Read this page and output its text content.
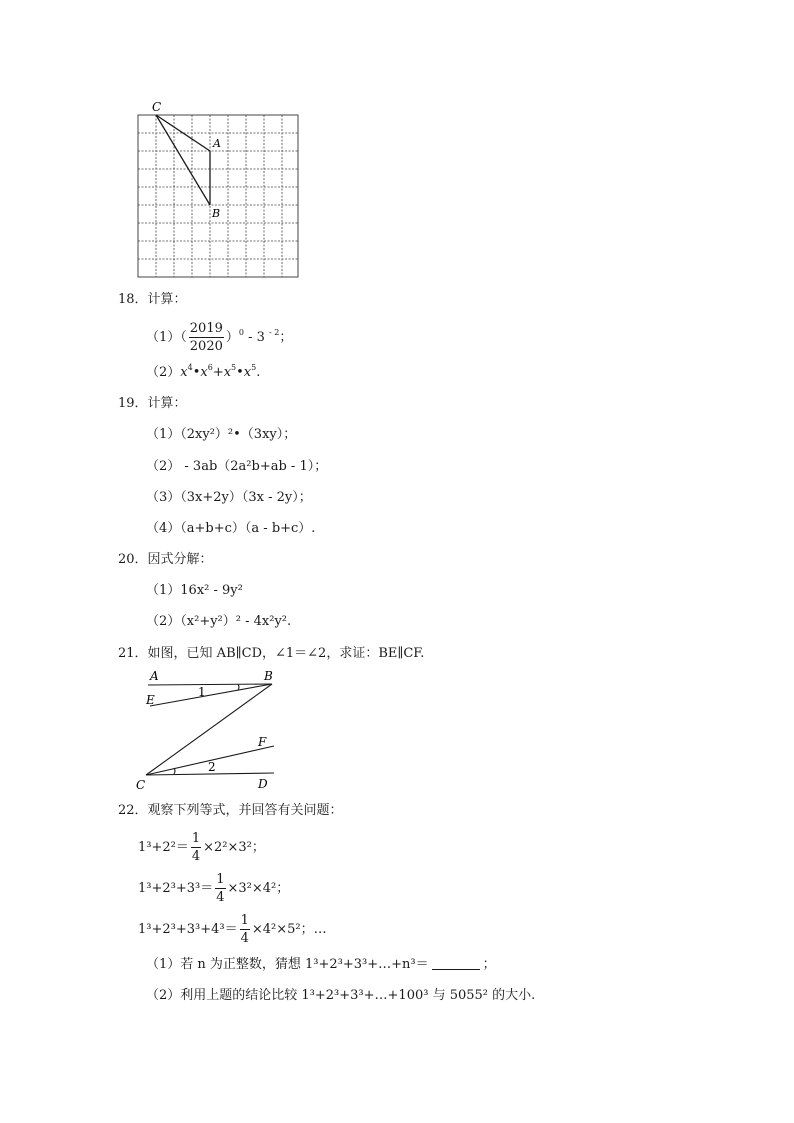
C
A
B
18．计算：
$(1)( \frac{2019}{2020} )^0 - 3$ $^{- 2}$；
$(2)x^4•x^6+x^5•x^5$.
19．计算：
（1）（2xy²）²•（3xy）；
（2） - 3ab（2a²b+ab - 1）；
（3）（3x+2y）（3x - 2y）；
（4）（a+b+c）（a - b+c）.
20．因式分解：
（1）16x² - 9y²
（2）（x²+y²）² - 4x²y².
21．如图，已知 AB∥CD，∠1＝∠2，求证：BE∥CF.
A	B
E
1
F
2
C	D
22．观察下列等式，并回答有关问题：
$1^3+2^2= \frac{1}{4} \times 2^2\times 3^2$；
$1^3+2^3+3^3= \frac{1}{4} \times 3^2\times 4^2$；
$1^3+2^3+3^3+4^3= \frac{1}{4} \times 4^2\times 5^2$；…
（1）若 n 为正整数，猜想 1³+2³+3³+…+n³＝	；
（2）利用上题的结论比较 1³+2³+3³+…+100³ 与 5055² 的大小.
